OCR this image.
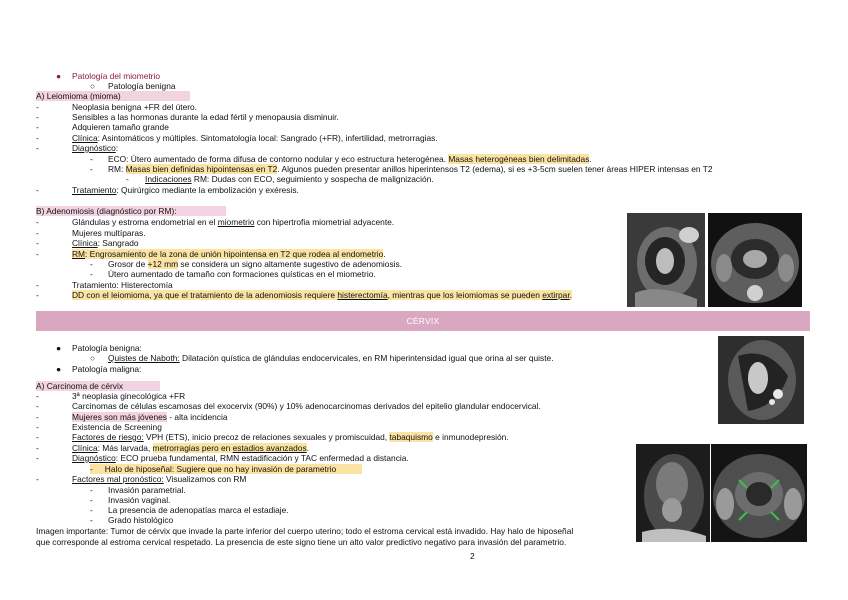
● Patología del miometrio
○ Patología benigna
A) Leiomioma (mioma)
-	Neoplasia benigna +FR del útero.
-	Sensibles a las hormonas durante la edad fértil y menopausia disminuir.
-	Adquieren tamaño grande
-	Clínica: Asintomáticos y múltiples. Sintomatología local: Sangrado (+FR), infertilidad, metrorragias.
-	Diagnóstico:
- ECO: Útero aumentado de forma difusa de contorno nodular y eco estructura heterogénea. Masas heterogéneas bien delimitadas.
- RM: Masas bien definidas hipointensas en T2. Algunos pueden presentar anillos hiperintensos T2 (edema), si es +3-5cm suelen tener áreas HIPER intensas en T2
- Indicaciones RM: Dudas con ECO, seguimiento y sospecha de malignización.
-	Tratamiento: Quirúrgico mediante la embolización y exéresis.
B) Adenomiosis (diagnóstico por RM):
-	Glándulas y estroma endometrial en el miometrio con hipertrofia miometrial adyacente.
-	Mujeres multíparas.
-	Clínica: Sangrado
-	RM: Engrosamiento de la zona de unión hipointensa en T2 que rodea al endometrio.
- Grosor de +12 mm se considera un signo altamente sugestivo de adenomiosis.
- Útero aumentado de tamaño con formaciones quísticas en el miometrio.
-	Tratamiento: Histerectomía
-	DD con el leiomioma, ya que el tratamiento de la adenomiosis requiere histerectomía, mientras que los leiomiomas se pueden extirpar.
CÉRVIX
● Patología benigna:
○ Quistes de Naboth: Dilatación quística de glándulas endocervicales, en RM hiperintensidad igual que orina al ser quiste.
● Patología maligna:
A) Carcinoma de cérvix
-	3ª neoplasia ginecológica +FR
-	Carcinomas de células escamosas del exocervix (90%) y 10% adenocarcinomas derivados del epitelio glandular endocervical.
-	Mujeres son más jóvenes - alta incidencia
-	Existencia de Screening
-	Factores de riesgo: VPH (ETS), inicio precoz de relaciones sexuales y promiscuidad, tabaquismo e inmunodepresión.
-	Clínica: Más larvada, metrorragias pero en estadios avanzados.
-	Diagnóstico: ECO prueba fundamental, RMN estadificación y TAC enfermedad a distancia.
- Halo de hiposeñal: Sugiere que no hay invasión de parametrio
-	Factores mal pronóstico: Visualizamos con RM
- Invasión parametrial.
- Invasión vaginal.
- La presencia de adenopatías marca el estadiaje.
- Grado histológico
Imagen importante: Tumor de cérvix que invade la parte inferior del cuerpo uterino; todo el estroma cervical está invadido. Hay halo de hiposeñal
que corresponde al estroma cervical respetado. La presencia de este signo tiene un alto valor predictivo negativo para invasión del parametrio.
2
